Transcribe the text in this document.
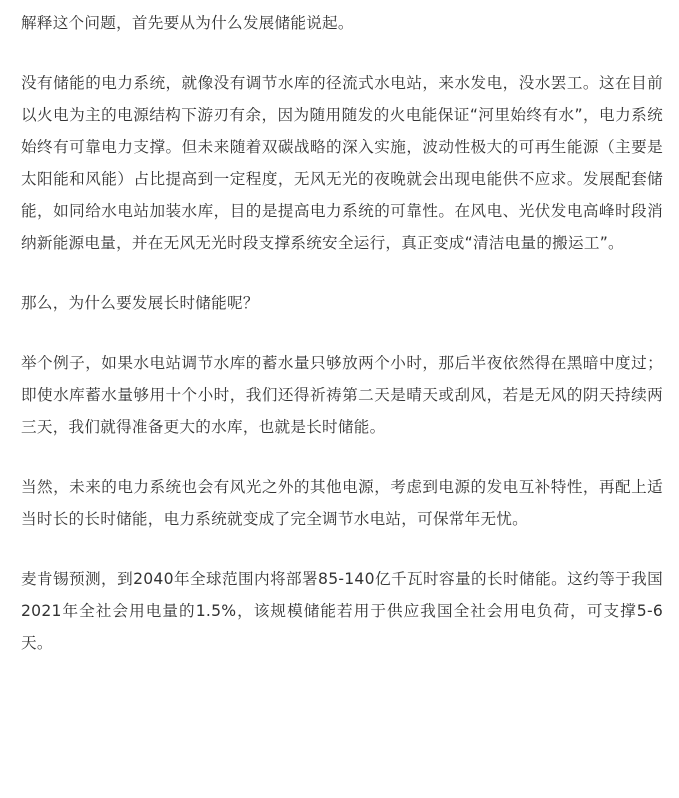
解释这个问题，首先要从为什么发展储能说起。

没有储能的电力系统，就像没有调节水库的径流式水电站，来水发电，没水罢工。这在目前以火电为主的电源结构下游刃有余，因为随用随发的火电能保证“河里始终有水”，电力系统始终有可靠电力支撑。但未来随着双碳战略的深入实施，波动性极大的可再生能源（主要是太阳能和风能）占比提高到一定程度，无风无光的夜晚就会出现电能供不应求。发展配套储能，如同给水电站加装水库，目的是提高电力系统的可靠性。在风电、光伏发电高峰时段消纳新能源电量，并在无风无光时段支撑系统安全运行，真正变成“清洁电量的搬运工”。

那么，为什么要发展长时储能呢？

举个例子，如果水电站调节水库的蓄水量只够放两个小时，那后半夜依然得在黑暗中度过；即使水库蓄水量够用十个小时，我们还得祈祷第二天是晴天或刮风，若是无风的阴天持续两三天，我们就得准备更大的水库，也就是长时储能。

当然，未来的电力系统也会有风光之外的其他电源，考虑到电源的发电互补特性，再配上适当时长的长时储能，电力系统就变成了完全调节水电站，可保常年无忧。

麦肯锡预测，到2040年全球范围内将部署85-140亿千瓦时容量的长时储能。这约等于我国2021年全社会用电量的1.5%，该规模储能若用于供应我国全社会用电负荷，可支撑5-6天。
